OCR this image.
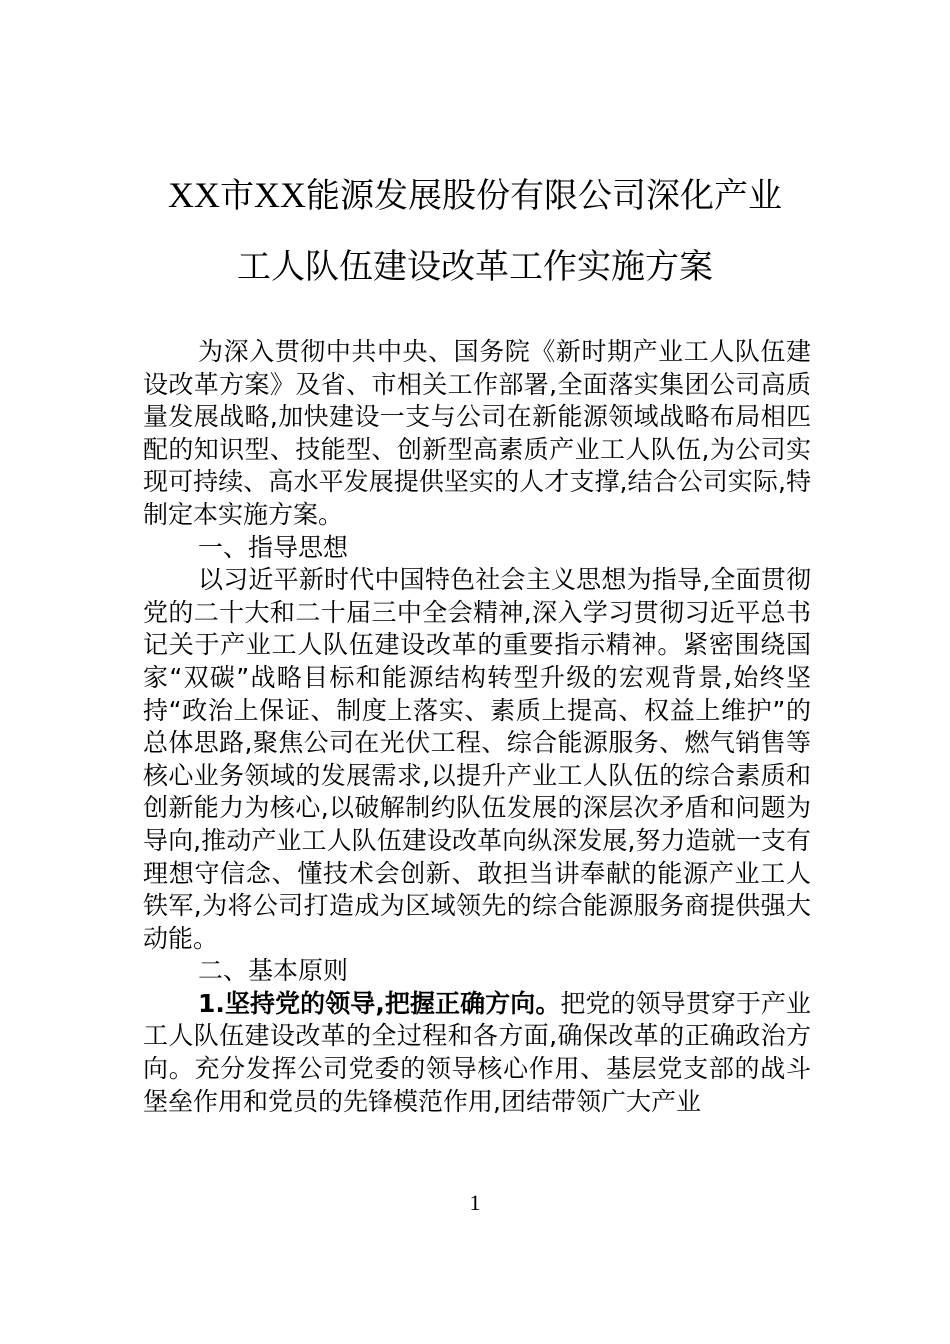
XX市XX能源发展股份有限公司深化产业
工人队伍建设改革工作实施方案

为深入贯彻中共中央、国务院《新时期产业工人队伍建设改革方案》及省、市相关工作部署,全面落实集团公司高质量发展战略,加快建设一支与公司在新能源领域战略布局相匹配的知识型、技能型、创新型高素质产业工人队伍,为公司实现可持续、高水平发展提供坚实的人才支撑,结合公司实际,特制定本实施方案。

一、指导思想

以习近平新时代中国特色社会主义思想为指导,全面贯彻党的二十大和二十届三中全会精神,深入学习贯彻习近平总书记关于产业工人队伍建设改革的重要指示精神。紧密围绕国家“双碳”战略目标和能源结构转型升级的宏观背景,始终坚持“政治上保证、制度上落实、素质上提高、权益上维护”的总体思路,聚焦公司在光伏工程、综合能源服务、燃气销售等核心业务领域的发展需求,以提升产业工人队伍的综合素质和创新能力为核心,以破解制约队伍发展的深层次矛盾和问题为导向,推动产业工人队伍建设改革向纵深发展,努力造就一支有理想守信念、懂技术会创新、敢担当讲奉献的能源产业工人铁军,为将公司打造成为区域领先的综合能源服务商提供强大动能。

二、基本原则

1.坚持党的领导,把握正确方向。把党的领导贯穿于产业工人队伍建设改革的全过程和各方面,确保改革的正确政治方向。充分发挥公司党委的领导核心作用、基层党支部的战斗堡垒作用和党员的先锋模范作用,团结带领广大产业

1
